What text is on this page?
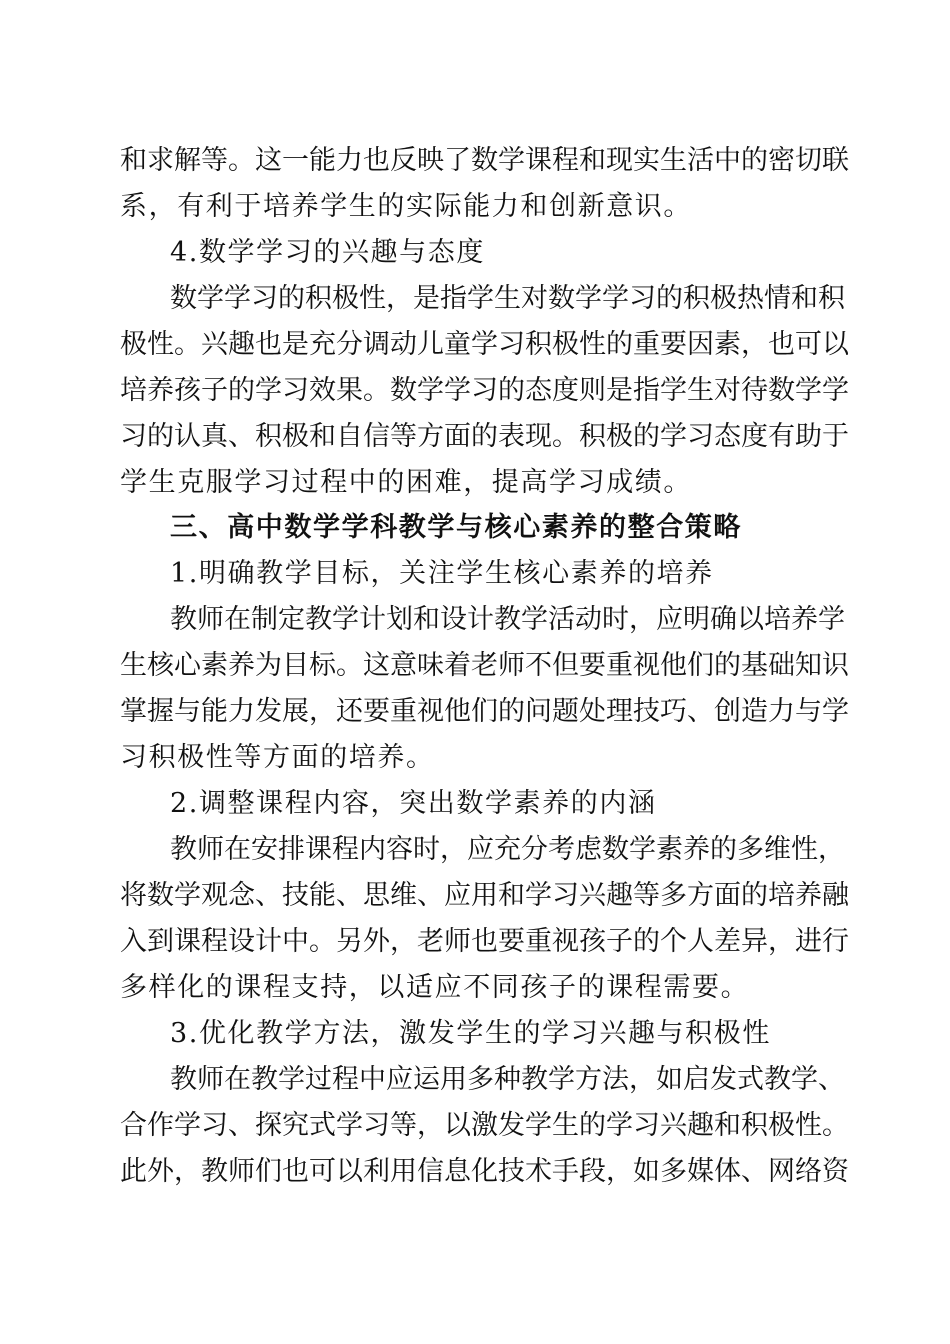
和求解等。这一能力也反映了数学课程和现实生活中的密切联
系，有利于培养学生的实际能力和创新意识。
4.数学学习的兴趣与态度
数学学习的积极性，是指学生对数学学习的积极热情和积
极性。兴趣也是充分调动儿童学习积极性的重要因素，也可以
培养孩子的学习效果。数学学习的态度则是指学生对待数学学
习的认真、积极和自信等方面的表现。积极的学习态度有助于
学生克服学习过程中的困难，提高学习成绩。
三、高中数学学科教学与核心素养的整合策略
1.明确教学目标，关注学生核心素养的培养
教师在制定教学计划和设计教学活动时，应明确以培养学
生核心素养为目标。这意味着老师不但要重视他们的基础知识
掌握与能力发展，还要重视他们的问题处理技巧、创造力与学
习积极性等方面的培养。
2.调整课程内容，突出数学素养的内涵
教师在安排课程内容时，应充分考虑数学素养的多维性，
将数学观念、技能、思维、应用和学习兴趣等多方面的培养融
入到课程设计中。另外，老师也要重视孩子的个人差异，进行
多样化的课程支持，以适应不同孩子的课程需要。
3.优化教学方法，激发学生的学习兴趣与积极性
教师在教学过程中应运用多种教学方法，如启发式教学、
合作学习、探究式学习等，以激发学生的学习兴趣和积极性。
此外，教师们也可以利用信息化技术手段，如多媒体、网络资
